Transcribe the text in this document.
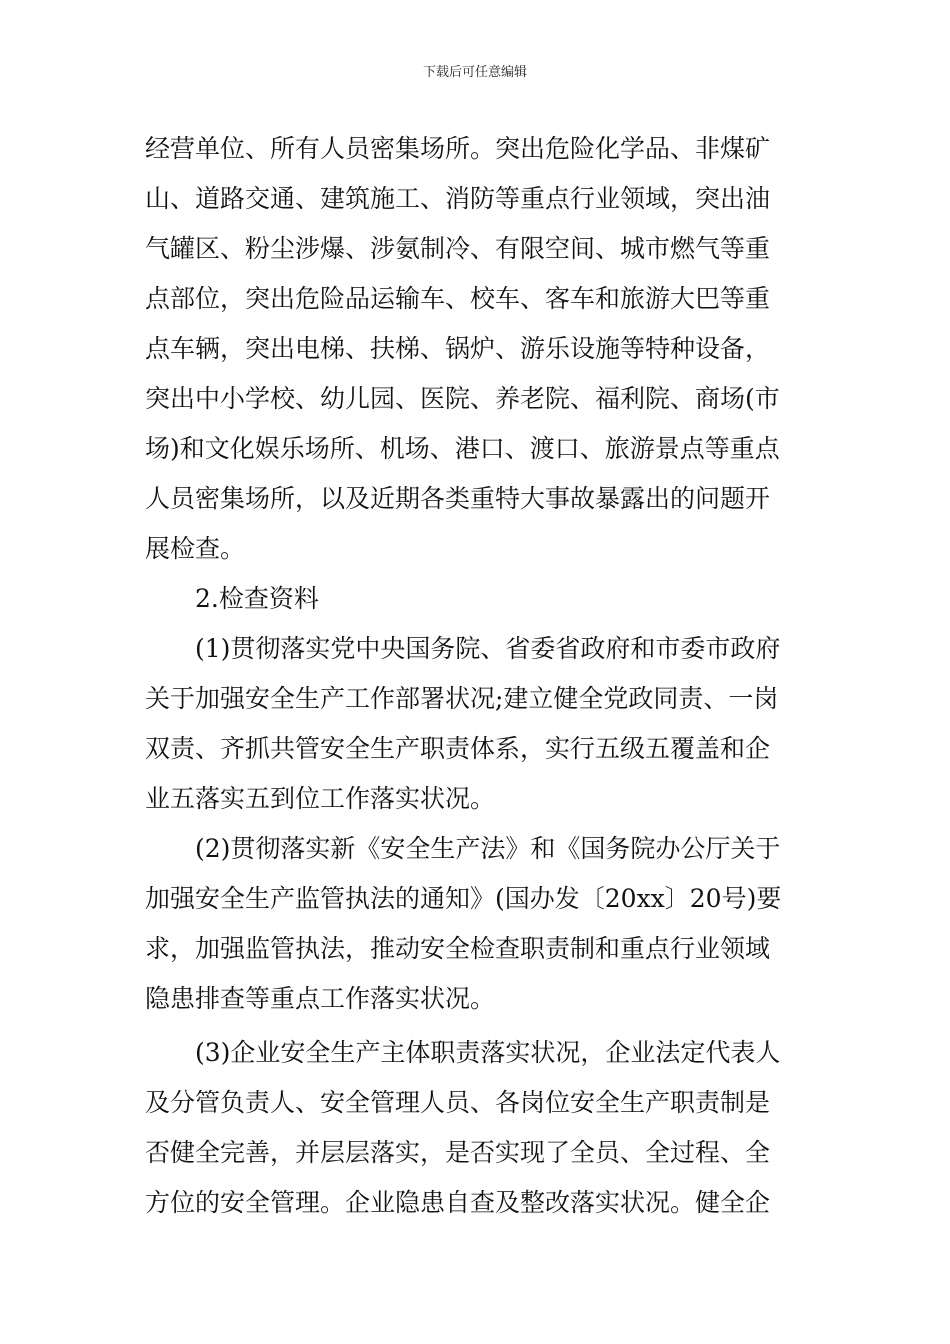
下载后可任意编辑
经营单位、所有人员密集场所。突出危险化学品、非煤矿
山、道路交通、建筑施工、消防等重点行业领域，突出油
气罐区、粉尘涉爆、涉氨制冷、有限空间、城市燃气等重
点部位，突出危险品运输车、校车、客车和旅游大巴等重
点车辆，突出电梯、扶梯、锅炉、游乐设施等特种设备，
突出中小学校、幼儿园、医院、养老院、福利院、商场(市
场)和文化娱乐场所、机场、港口、渡口、旅游景点等重点
人员密集场所，以及近期各类重特大事故暴露出的问题开
展检查。
2.检查资料
(1)贯彻落实党中央国务院、省委省政府和市委市政府
关于加强安全生产工作部署状况;建立健全党政同责、一岗
双责、齐抓共管安全生产职责体系，实行五级五覆盖和企
业五落实五到位工作落实状况。
(2)贯彻落实新《安全生产法》和《国务院办公厅关于
加强安全生产监管执法的通知》(国办发〔20xx〕20号)要
求，加强监管执法，推动安全检查职责制和重点行业领域
隐患排查等重点工作落实状况。
(3)企业安全生产主体职责落实状况，企业法定代表人
及分管负责人、安全管理人员、各岗位安全生产职责制是
否健全完善，并层层落实，是否实现了全员、全过程、全
方位的安全管理。企业隐患自查及整改落实状况。健全企
